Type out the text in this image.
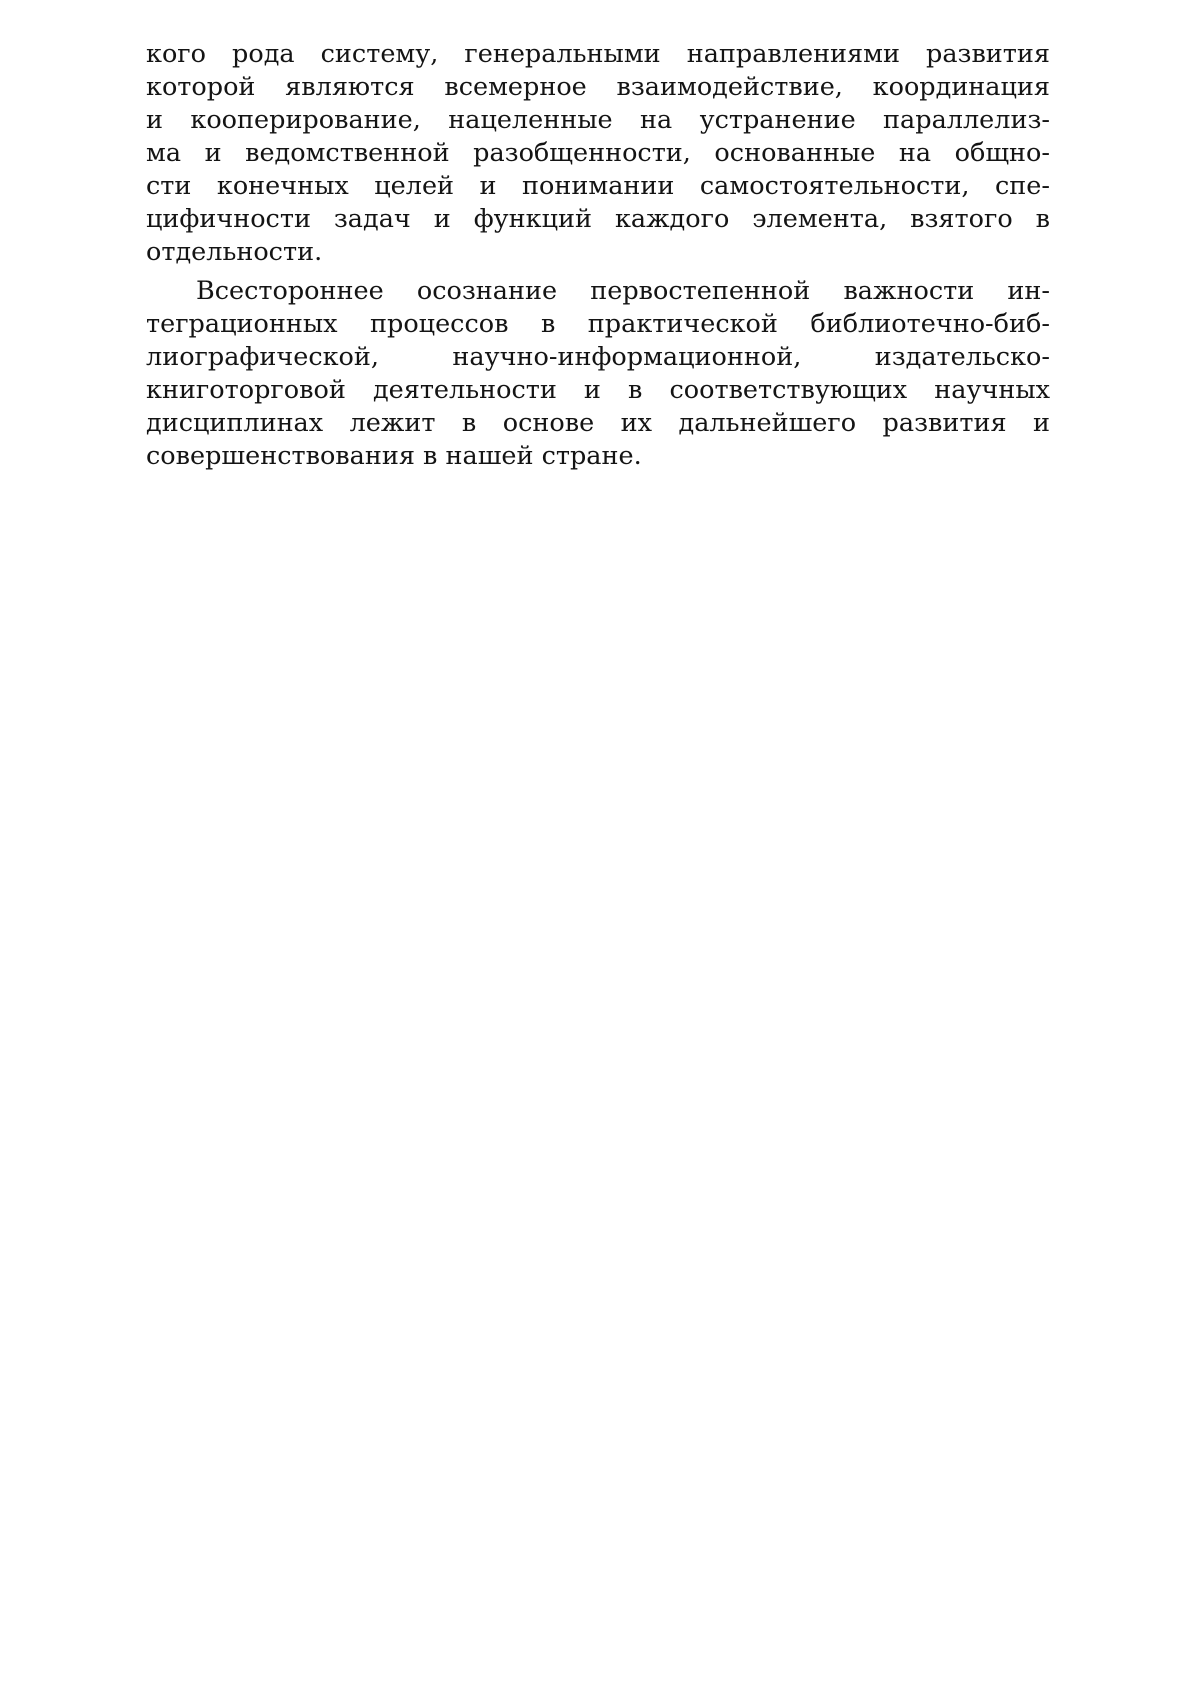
кого рода систему, генеральными направлениями развития
которой являются всемерное взаимодействие, координация
и кооперирование, нацеленные на устранение параллелиз-
ма и ведомственной разобщенности, основанные на общно-
сти конечных целей и понимании самостоятельности, спе-
цифичности задач и функций каждого элемента, взятого в
отдельности.
Всестороннее осознание первостепенной важности ин-
теграционных процессов в практической библиотечно-биб-
лиографической, научно-информационной, издательско-
книготорговой деятельности и в соответствующих научных
дисциплинах лежит в основе их дальнейшего развития и
совершенствования в нашей стране.
